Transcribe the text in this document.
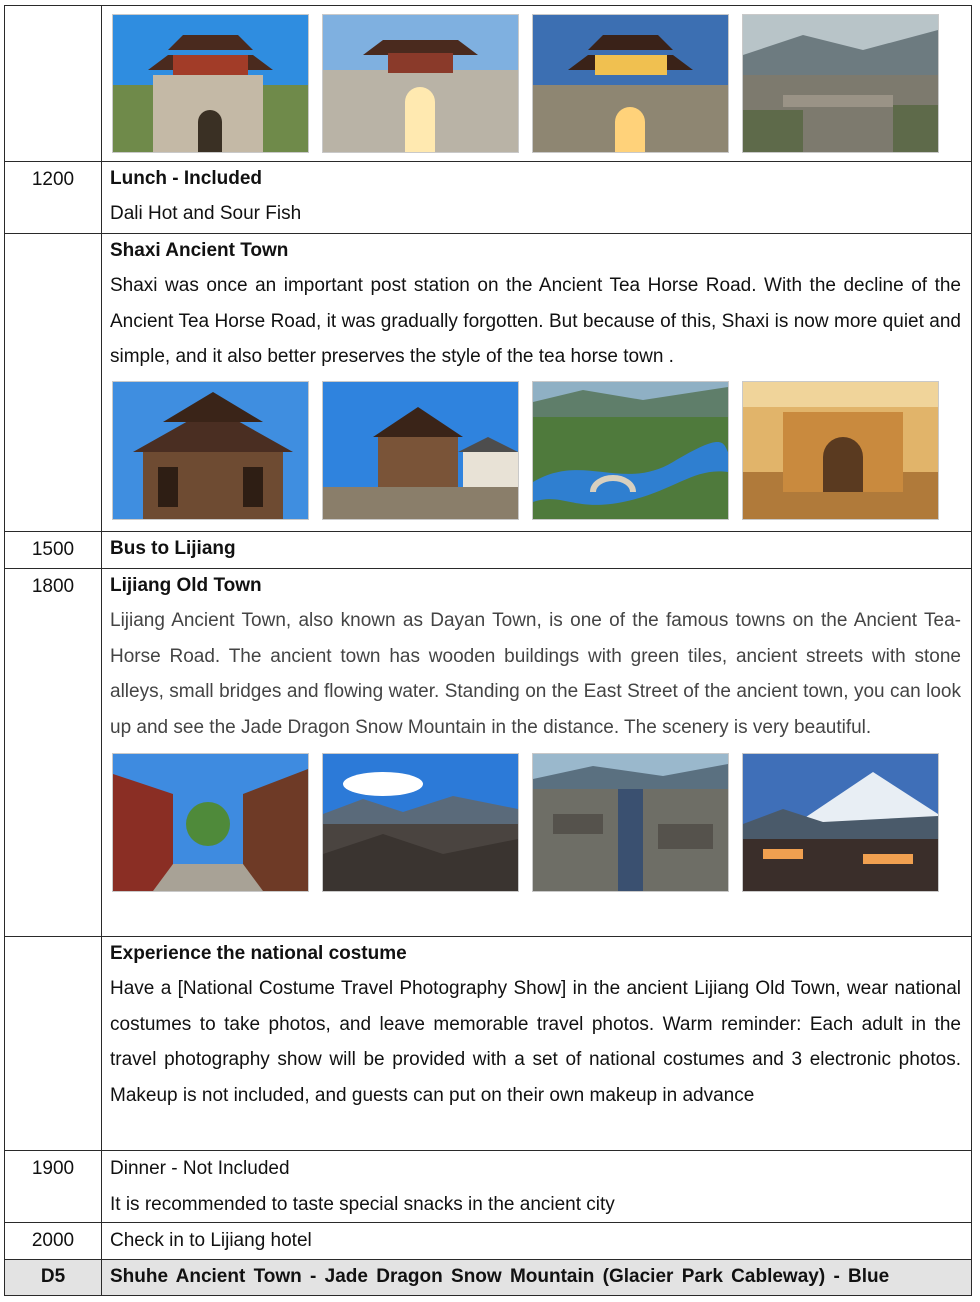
1200	Lunch - Included
Dali Hot and Sour Fish

	Shaxi Ancient Town
Shaxi was once an important post station on the Ancient Tea Horse Road. With the decline of the Ancient Tea Horse Road, it was gradually forgotten. But because of this, Shaxi is now more quiet and simple, and it also better preserves the style of the tea horse town .

1500	Bus to Lijiang

1800	Lijiang Old Town
Lijiang Ancient Town, also known as Dayan Town, is one of the famous towns on the Ancient Tea-Horse Road. The ancient town has wooden buildings with green tiles, ancient streets with stone alleys, small bridges and flowing water. Standing on the East Street of the ancient town, you can look up and see the Jade Dragon Snow Mountain in the distance. The scenery is very beautiful.

	Experience the national costume
Have a [National Costume Travel Photography Show] in the ancient Lijiang Old Town, wear national costumes to take photos, and leave memorable travel photos. Warm reminder: Each adult in the travel photography show will be provided with a set of national costumes and 3 electronic photos. Makeup is not included, and guests can put on their own makeup in advance

1900	Dinner - Not Included
It is recommended to taste special snacks in the ancient city

2000	Check in to Lijiang hotel

D5	Shuhe Ancient Town - Jade Dragon Snow Mountain (Glacier Park Cableway) - Blue
